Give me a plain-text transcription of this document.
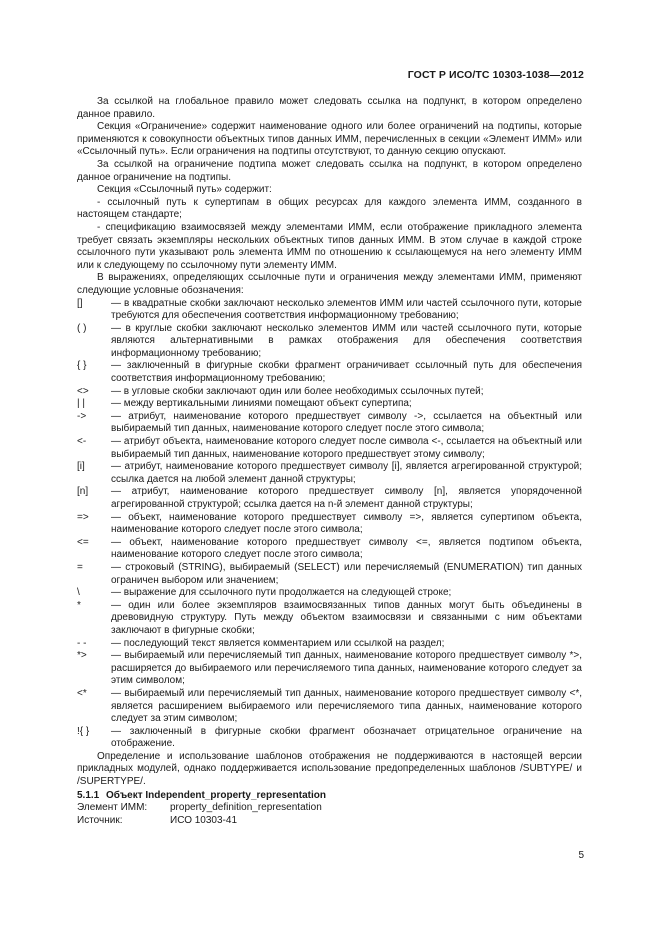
ГОСТ Р ИСО/ТС 10303-1038—2012

За ссылкой на глобальное правило может следовать ссылка на подпункт, в котором определено данное правило.

Секция «Ограничение» содержит наименование одного или более ограничений на подтипы, которые применяются к совокупности объектных типов данных ИММ, перечисленных в секции «Элемент ИММ» или «Ссылочный путь». Если ограничения на подтипы отсутствуют, то данную секцию опускают.

За ссылкой на ограничение подтипа может следовать ссылка на подпункт, в котором определено данное ограничение на подтипы.

Секция «Ссылочный путь» содержит:

- ссылочный путь к супертипам в общих ресурсах для каждого элемента ИММ, созданного в настоящем стандарте;

- спецификацию взаимосвязей между элементами ИММ, если отображение прикладного элемента требует связать экземпляры нескольких объектных типов данных ИММ. В этом случае в каждой строке ссылочного пути указывают роль элемента ИММ по отношению к ссылающемуся на него элементу ИММ или к следующему по ссылочному пути элементу ИММ.

В выражениях, определяющих ссылочные пути и ограничения между элементами ИММ, применяют следующие условные обозначения:

[]	— в квадратные скобки заключают несколько элементов ИММ или частей ссылочного пути, которые требуются для обеспечения соответствия информационному требованию;
( )	— в круглые скобки заключают несколько элементов ИММ или частей ссылочного пути, которые являются альтернативными в рамках отображения для обеспечения соответствия информационному требованию;
{ }	— заключенный в фигурные скобки фрагмент ограничивает ссылочный путь для обеспечения соответствия информационному требованию;
<>	— в угловые скобки заключают один или более необходимых ссылочных путей;
| |	— между вертикальными линиями помещают объект супертипа;
->	— атрибут, наименование которого предшествует символу ->, ссылается на объектный или выбираемый тип данных, наименование которого следует после этого символа;
<-	— атрибут объекта, наименование которого следует после символа <-, ссылается на объектный или выбираемый тип данных, наименование которого предшествует этому символу;
[i]	— атрибут, наименование которого предшествует символу [i], является агрегированной структурой; ссылка дается на любой элемент данной структуры;
[n]	— атрибут, наименование которого предшествует символу [n], является упорядоченной агрегированной структурой; ссылка дается на n-й элемент данной структуры;
=>	— объект, наименование которого предшествует символу =>, является супертипом объекта, наименование которого следует после этого символа;
<=	— объект, наименование которого предшествует символу <=, является подтипом объекта, наименование которого следует после этого символа;
=	— строковый (STRING), выбираемый (SELECT) или перечисляемый (ENUMERATION) тип данных ограничен выбором или значением;
\	— выражение для ссылочного пути продолжается на следующей строке;
*	— один или более экземпляров взаимосвязанных типов данных могут быть объединены в древовидную структуру. Путь между объектом взаимосвязи и связанными с ним объектами заключают в фигурные скобки;
- -	— последующий текст является комментарием или ссылкой на раздел;
*>	— выбираемый или перечисляемый тип данных, наименование которого предшествует символу *>, расширяется до выбираемого или перечисляемого типа данных, наименование которого следует за этим символом;
<*	— выбираемый или перечисляемый тип данных, наименование которого предшествует символу <*, является расширением выбираемого или перечисляемого типа данных, наименование которого следует за этим символом;
!{ }	— заключенный в фигурные скобки фрагмент обозначает отрицательное ограничение на отображение.

Определение и использование шаблонов отображения не поддерживаются в настоящей версии прикладных модулей, однако поддерживается использование предопределенных шаблонов /SUBTYPE/ и /SUPERTYPE/.

5.1.1 Объект Independent_property_representation
Элемент ИММ:	property_definition_representation
Источник:	ИСО 10303-41
5
